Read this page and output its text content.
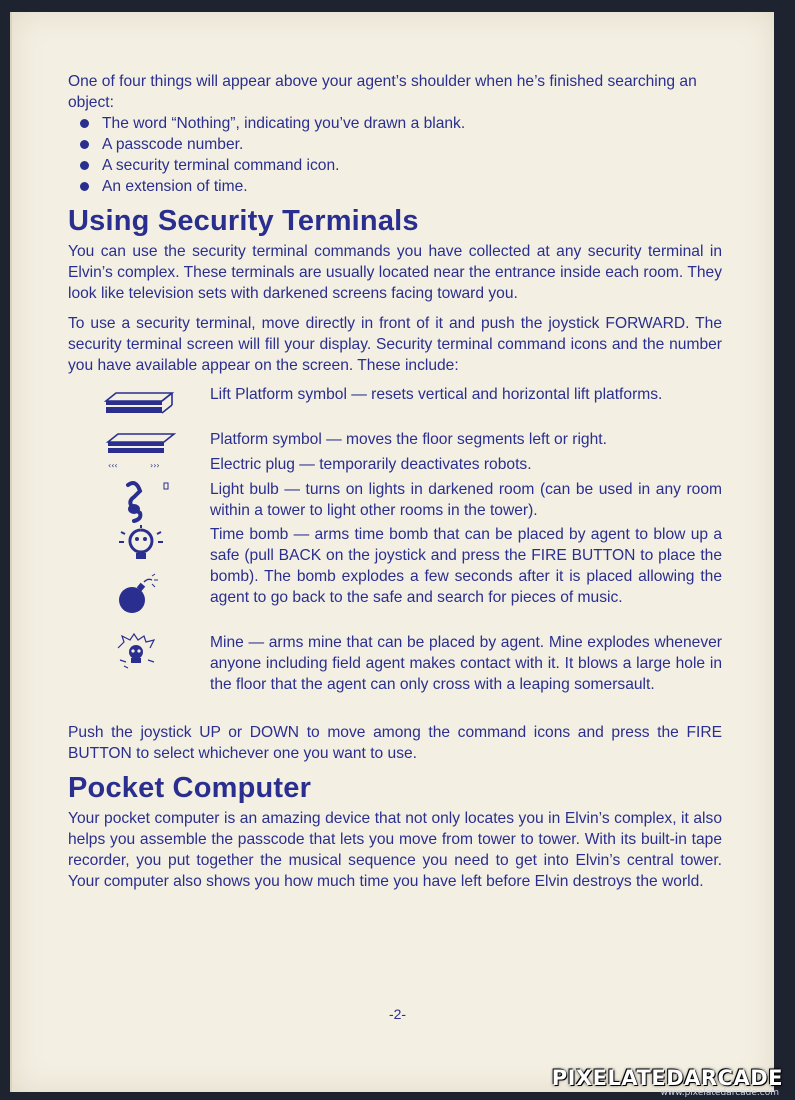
One of four things will appear above your agent’s shoulder when he’s finished searching an object:

The word “Nothing”, indicating you’ve drawn a blank.
A passcode number.
A security terminal command icon.
An extension of time.
Using Security Terminals

You can use the security terminal commands you have collected at any security terminal in Elvin’s complex. These terminals are usually located near the entrance inside each room. They look like television sets with darkened screens facing toward you.

To use a security terminal, move directly in front of it and push the joystick FORWARD. The security terminal screen will fill your display. Security terminal command icons and the number you have available appear on the screen. These include:

Lift Platform symbol — resets vertical and horizontal lift platforms.

‹‹‹	›››

Platform symbol — moves the floor segments left or right.

Electric plug — temporarily deactivates robots.

Light bulb — turns on lights in darkened room (can be used in any room within a tower to light other rooms in the tower).

Time bomb — arms time bomb that can be placed by agent to blow up a safe (pull BACK on the joystick and press the FIRE BUTTON to place the bomb). The bomb explodes a few seconds after it is placed allowing the agent to go back to the safe and search for pieces of music.

Mine — arms mine that can be placed by agent. Mine explodes whenever anyone including field agent makes contact with it. It blows a large hole in the floor that the agent can only cross with a leaping somersault.

Push the joystick UP or DOWN to move among the command icons and press the FIRE BUTTON to select whichever one you want to use.

Pocket Computer

Your pocket computer is an amazing device that not only locates you in Elvin’s complex, it also helps you assemble the passcode that lets you move from tower to tower. With its built-in tape recorder, you put together the musical sequence you need to get into Elvin’s central tower. Your computer also shows you how much time you have left before Elvin destroys the world.

-2-
PIXELATEDARCADE
www.pixelatedarcade.com
